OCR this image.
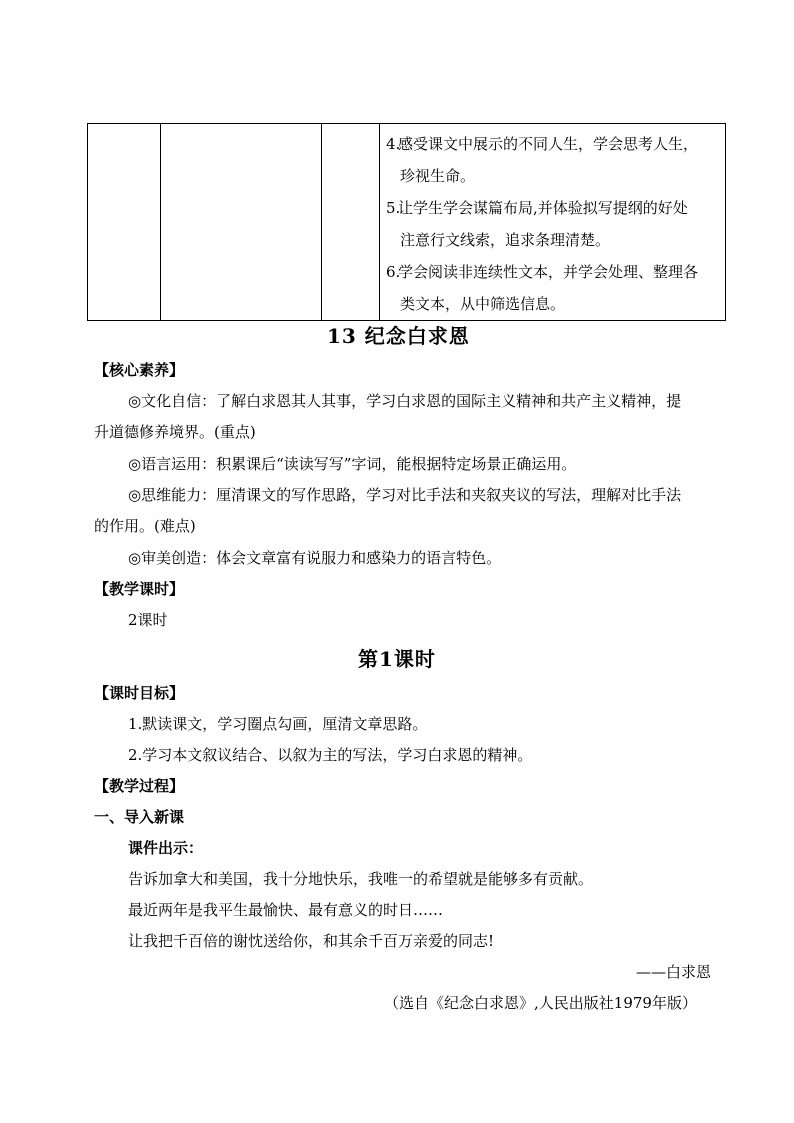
4.感受课文中展示的不同人生，学会思考人生，
珍视生命。
5.让学生学会谋篇布局,并体验拟写提纲的好处
注意行文线索，追求条理清楚。
6.学会阅读非连续性文本，并学会处理、整理各
类文本，从中筛选信息。
13 纪念白求恩
【核心素养】
◎文化自信：了解白求恩其人其事，学习白求恩的国际主义精神和共产主义精神，提
升道德修养境界。(重点)
◎语言运用：积累课后“读读写写”字词，能根据特定场景正确运用。
◎思维能力：厘清课文的写作思路，学习对比手法和夹叙夹议的写法，理解对比手法
的作用。(难点)
◎审美创造：体会文章富有说服力和感染力的语言特色。
【教学课时】
2课时
第1课时
【课时目标】
1.默读课文，学习圈点勾画，厘清文章思路。
2.学习本文叙议结合、以叙为主的写法，学习白求恩的精神。
【教学过程】
一、导入新课
课件出示：
告诉加拿大和美国，我十分地快乐，我唯一的希望就是能够多有贡献。
最近两年是我平生最愉快、最有意义的时日……
让我把千百倍的谢忱送给你，和其余千百万亲爱的同志!
——白求恩
（选自《纪念白求恩》,人民出版社1979年版）
